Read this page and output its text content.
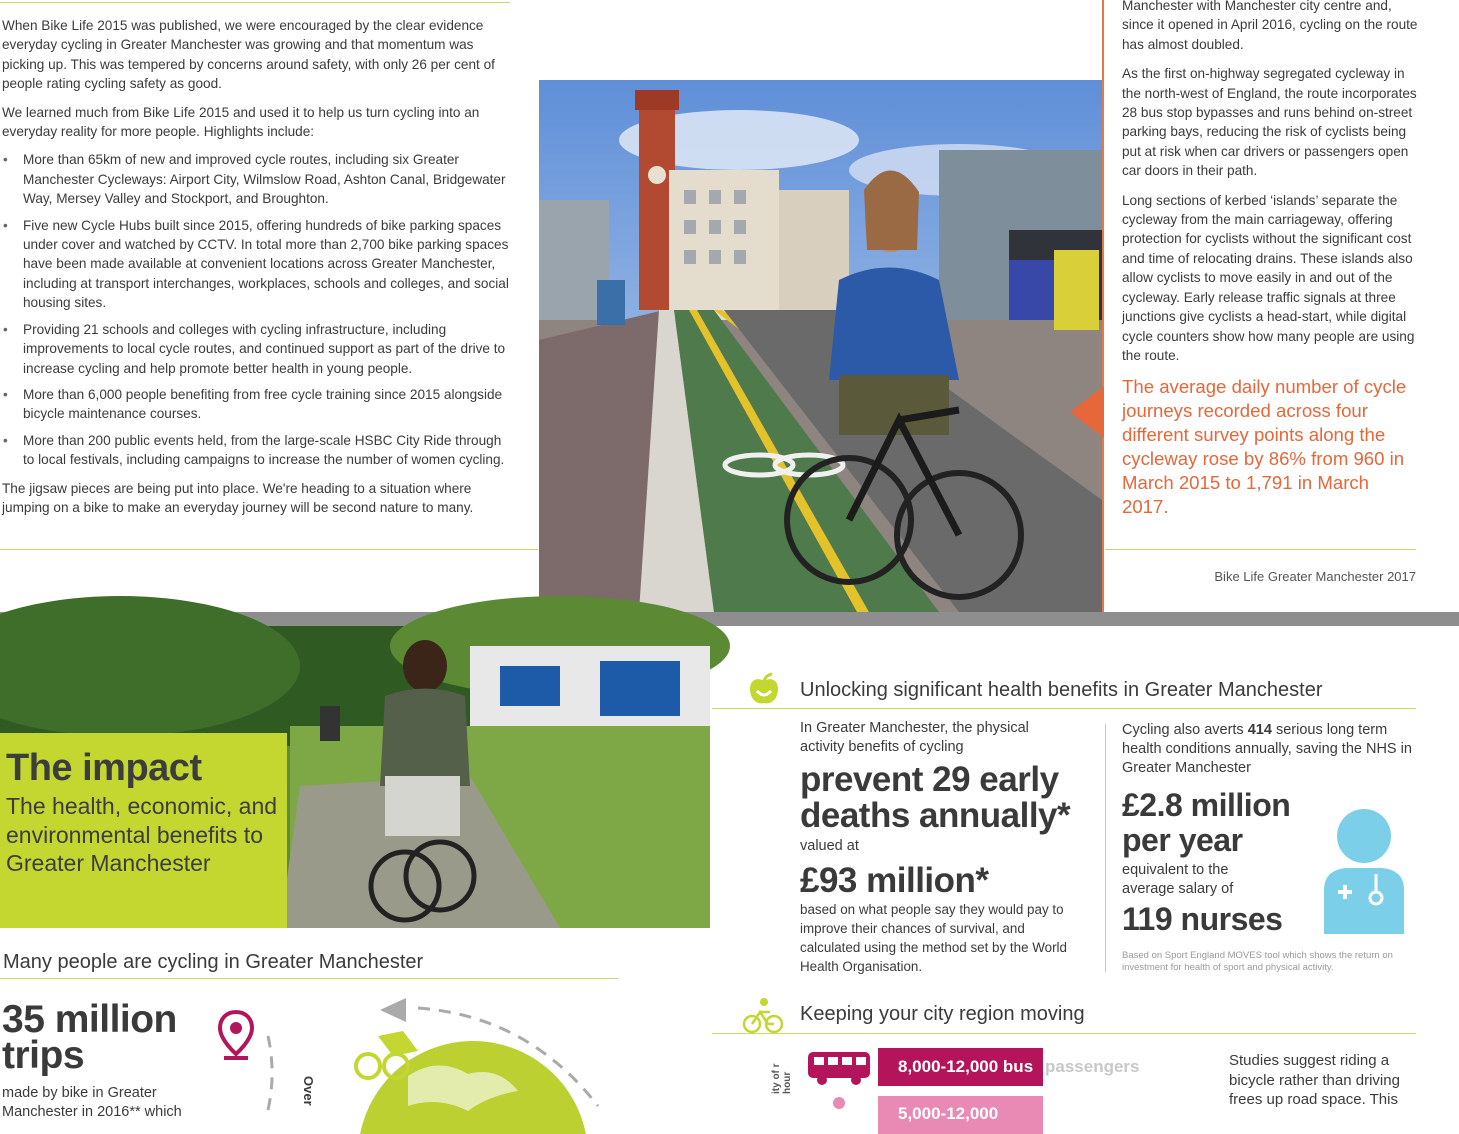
When Bike Life 2015 was published, we were encouraged by the clear evidence everyday cycling in Greater Manchester was growing and that momentum was picking up. This was tempered by concerns around safety, with only 26 per cent of people rating cycling safety as good.

We learned much from Bike Life 2015 and used it to help us turn cycling into an everyday reality for more people. Highlights include:

• More than 65km of new and improved cycle routes, including six Greater Manchester Cycleways: Airport City, Wilmslow Road, Ashton Canal, Bridgewater Way, Mersey Valley and Stockport, and Broughton.
• Five new Cycle Hubs built since 2015, offering hundreds of bike parking spaces under cover and watched by CCTV. In total more than 2,700 bike parking spaces have been made available at convenient locations across Greater Manchester, including at transport interchanges, workplaces, schools and colleges, and social housing sites.
• Providing 21 schools and colleges with cycling infrastructure, including improvements to local cycle routes, and continued support as part of the drive to increase cycling and help promote better health in young people.
• More than 6,000 people benefiting from free cycle training since 2015 alongside bicycle maintenance courses.
• More than 200 public events held, from the large-scale HSBC City Ride through to local festivals, including campaigns to increase the number of women cycling.

The jigsaw pieces are being put into place. We're heading to a situation where jumping on a bike to make an everyday journey will be second nature to many.

Manchester with Manchester city centre and, since it opened in April 2016, cycling on the route has almost doubled.

As the first on-highway segregated cycleway in the north-west of England, the route incorporates 28 bus stop bypasses and runs behind on-street parking bays, reducing the risk of cyclists being put at risk when car drivers or passengers open car doors in their path.

Long sections of kerbed ‘islands’ separate the cycleway from the main carriageway, offering protection for cyclists without the significant cost and time of relocating drains. These islands also allow cyclists to move easily in and out of the cycleway. Early release traffic signals at three junctions give cyclists a head-start, while digital cycle counters show how many people are using the route.

The average daily number of cycle journeys recorded across four different survey points along the cycleway rose by 86% from 960 in March 2015 to 1,791 in March 2017.

Bike Life Greater Manchester 2017
The impact
The health, economic, and environmental benefits to Greater Manchester
Many people are cycling in Greater Manchester
35 million trips
made by bike in Greater Manchester in 2016** which
Over
Unlocking significant health benefits in Greater Manchester
In Greater Manchester, the physical activity benefits of cycling
prevent 29 early deaths annually*
valued at
£93 million*
based on what people say they would pay to improve their chances of survival, and calculated using the method set by the World Health Organisation.
Cycling also averts 414 serious long term health conditions annually, saving the NHS in Greater Manchester
£2.8 million per year
equivalent to the average salary of
119 nurses
Based on Sport England MOVES tool which shows the return on investment for health of sport and physical activity.
Keeping your city region moving
ity of r hour
8,000-12,000 bus passengers
5,000-12,000
Studies suggest riding a bicycle rather than driving frees up road space. This
